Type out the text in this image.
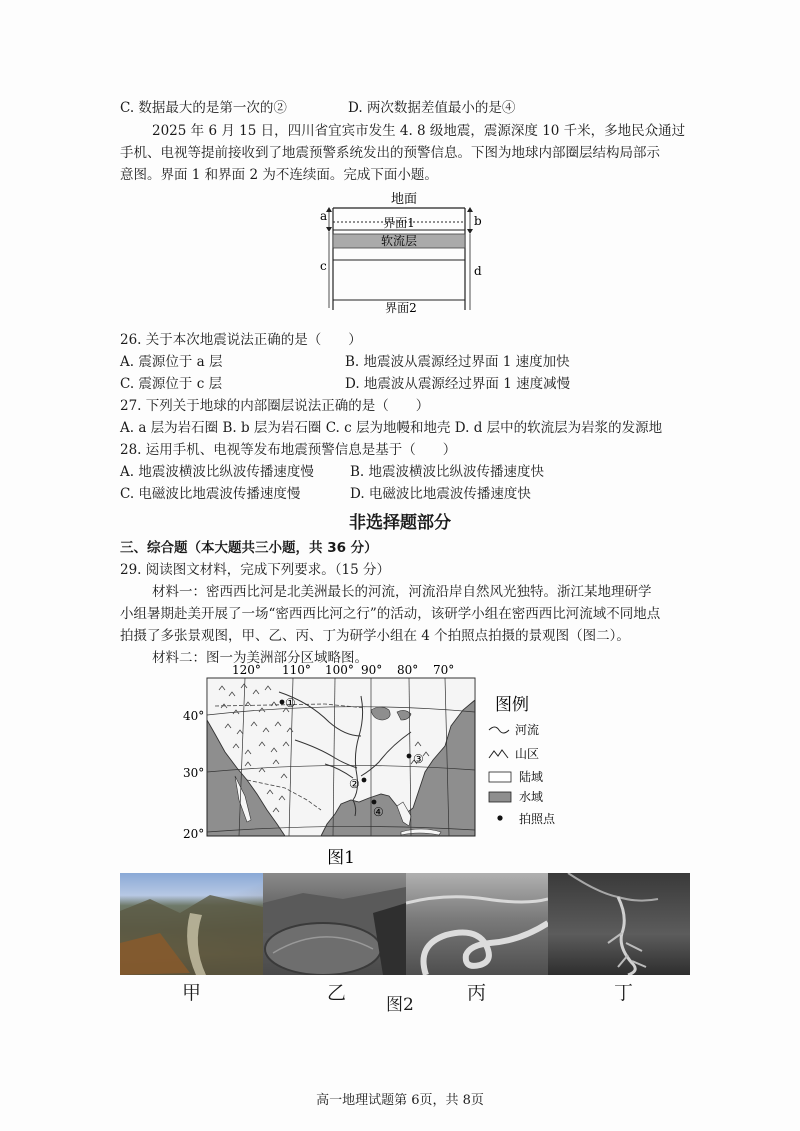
C. 数据最大的是第一次的②	D. 两次数据差值最小的是④
2025 年 6 月 15 日，四川省宜宾市发生 4. 8 级地震，震源深度 10 千米，多地民众通过
手机、电视等提前接收到了地震预警系统发出的预警信息。下图为地球内部圈层结构局部示
意图。界面 1 和界面 2 为不连续面。完成下面小题。
地面
界面1
软流层
界面2
a
c
b
d
26. 关于本次地震说法正确的是（　　）
A. 震源位于 a 层	B. 地震波从震源经过界面 1 速度加快
C. 震源位于 c 层	D. 地震波从震源经过界面 1 速度减慢
27. 下列关于地球的内部圈层说法正确的是（　　）
A. a 层为岩石圈 B. b 层为岩石圈 C. c 层为地幔和地壳 D. d 层中的软流层为岩浆的发源地
28. 运用手机、电视等发布地震预警信息是基于（　　）
A. 地震波横波比纵波传播速度慢	B. 地震波横波比纵波传播速度快
C. 电磁波比地震波传播速度慢	D. 电磁波比地震波传播速度快
非选择题部分
三、综合题（本大题共三小题，共 36 分）
29. 阅读图文材料，完成下列要求。（15 分）
材料一：密西西比河是北美洲最长的河流，河流沿岸自然风光独特。浙江某地理研学
小组暑期赴美开展了一场“密西西比河之行”的活动，该研学小组在密西西比河流域不同地点
拍摄了多张景观图，甲、乙、丙、丁为研学小组在 4 个拍照点拍摄的景观图（图二）。
材料二：图一为美洲部分区域略图。
120° 110° 100° 90° 80° 70°
40°
30°
20°
①
②
③
④
图例
河流
山区
陆域
水域
拍照点
图1
甲	乙	丙	丁
图2
高一地理试题第 6页，共 8页
